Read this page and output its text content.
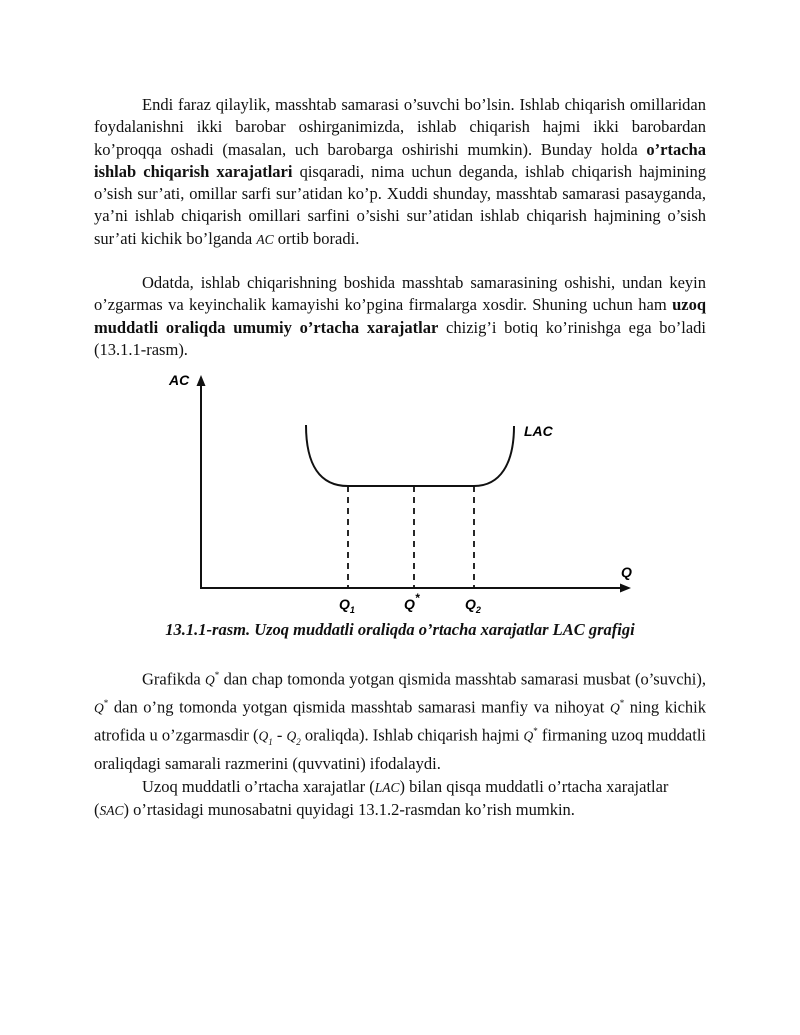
Endi faraz qilaylik, masshtab samarasi o’suvchi bo’lsin. Ishlab chiqarish omillaridan foydalanishni ikki barobar oshirganimizda, ishlab chiqarish hajmi ikki barobardan ko’proqqa oshadi (masalan, uch barobarga oshirishi mumkin). Bunday holda o’rtacha ishlab chiqarish xarajatlari qisqaradi, nima uchun deganda, ishlab chiqarish hajmining o’sish sur’ati, omillar sarfi sur’atidan ko’p. Xuddi shunday, masshtab samarasi pasayganda, ya’ni ishlab chiqarish omillari sarfini o’sishi sur’atidan ishlab chiqarish hajmining o’sish sur’ati kichik bo’lganda AC ortib boradi.

Odatda, ishlab chiqarishning boshida masshtab samarasining oshishi, undan keyin o’zgarmas va keyinchalik kamayishi ko’pgina firmalarga xosdir. Shuning uchun ham uzoq muddatli oraliqda umumiy o’rtacha xarajatlar chizig’i botiq ko’rinishga ega bo’ladi (13.1.1-rasm).

AC
LAC
Q
$Q_1$	Q*	$Q_2$
13.1.1-rasm. Uzoq muddatli oraliqda o’rtacha xarajatlar LAC grafigi

Grafikda Q* dan chap tomonda yotgan qismida masshtab samarasi musbat (o’suvchi), Q* dan o’ng tomonda yotgan qismida masshtab samarasi manfiy va nihoyat Q* ning kichik atrofida u o’zgarmasdir ($Q_1 - Q_2$ oraliqda). Ishlab chiqarish hajmi Q* firmaning uzoq muddatli oraliqdagi samarali razmerini (quvvatini) ifodalaydi.

Uzoq muddatli o’rtacha xarajatlar (LAC) bilan qisqa muddatli o’rtacha xarajatlar (SAC) o’rtasidagi munosabatni quyidagi 13.1.2-rasmdan ko’rish mumkin.
